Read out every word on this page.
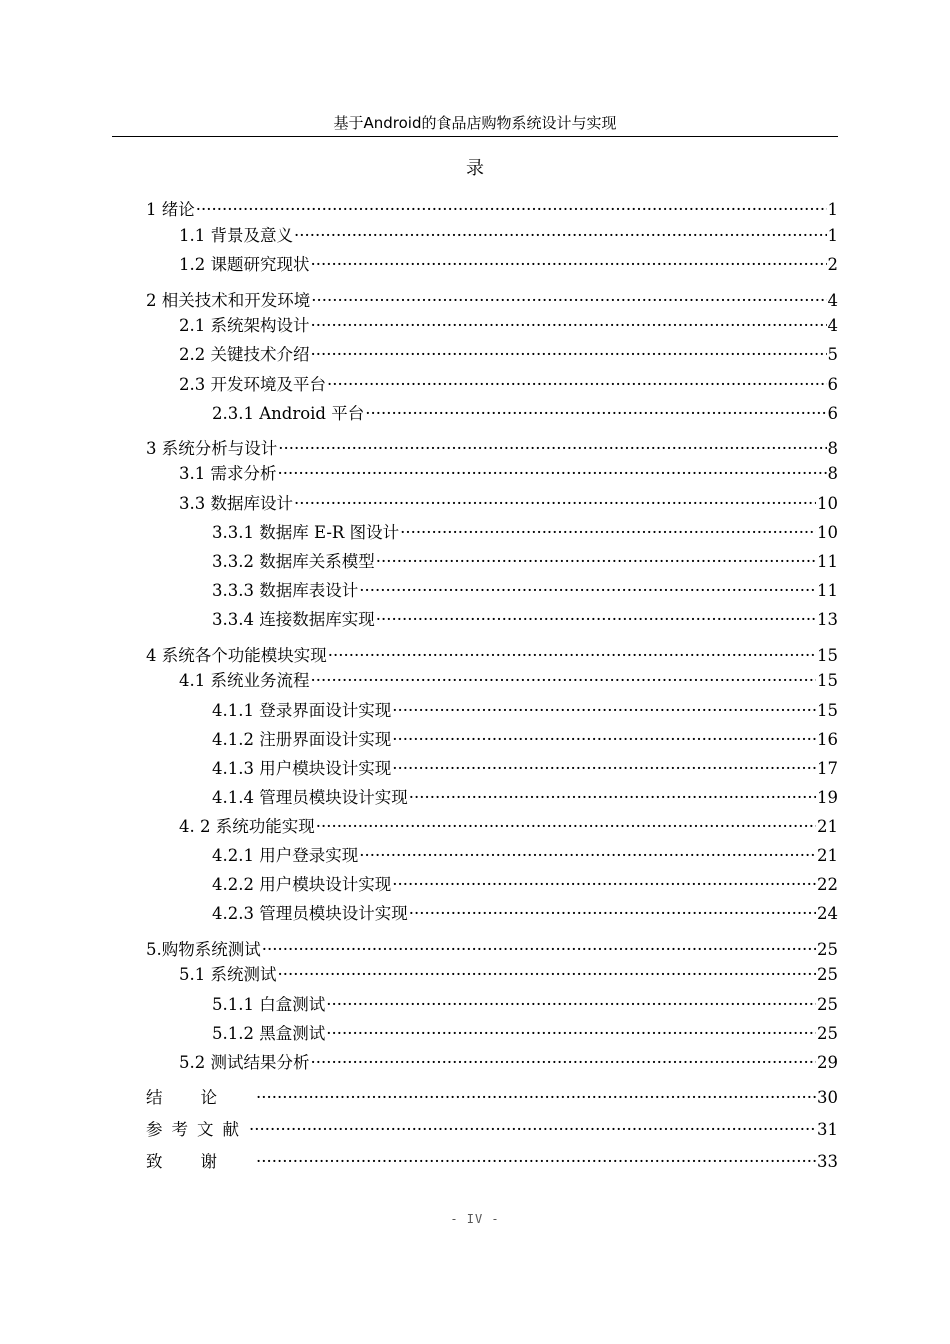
基于Android的食品店购物系统设计与实现
录
1 绪论 ·····	1
1.1 背景及意义 ·····	1
1.2 课题研究现状 ·····	2
2 相关技术和开发环境 ·····	4
2.1 系统架构设计 ·····	4
2.2 关键技术介绍 ·····	5
2.3 开发环境及平台 ·····	6
2.3.1 Android 平台 ·····	6
3 系统分析与设计 ·····	8
3.1 需求分析 ·····	8
3.3 数据库设计 ·····	10
3.3.1 数据库 E-R 图设计 ·····	10
3.3.2 数据库关系模型 ·····	11
3.3.3 数据库表设计 ·····	11
3.3.4 连接数据库实现 ·····	13
4 系统各个功能模块实现 ·····	15
4.1 系统业务流程 ·····	15
4.1.1 登录界面设计实现 ·····	15
4.1.2 注册界面设计实现 ·····	16
4.1.3 用户模块设计实现 ·····	17
4.1.4 管理员模块设计实现 ·····	19
4. 2 系统功能实现 ·····	21
4.2.1 用户登录实现 ·····	21
4.2.2 用户模块设计实现 ·····	22
4.2.3 管理员模块设计实现 ·····	24
5.购物系统测试 ·····	25
5.1 系统测试 ·····	25
5.1.1 白盒测试 ·····	25
5.1.2 黑盒测试 ·····	25
5.2 测试结果分析 ·····	29
结论 ·····	30
参考文献 ·····	31
致谢 ·····	33
- IV -
